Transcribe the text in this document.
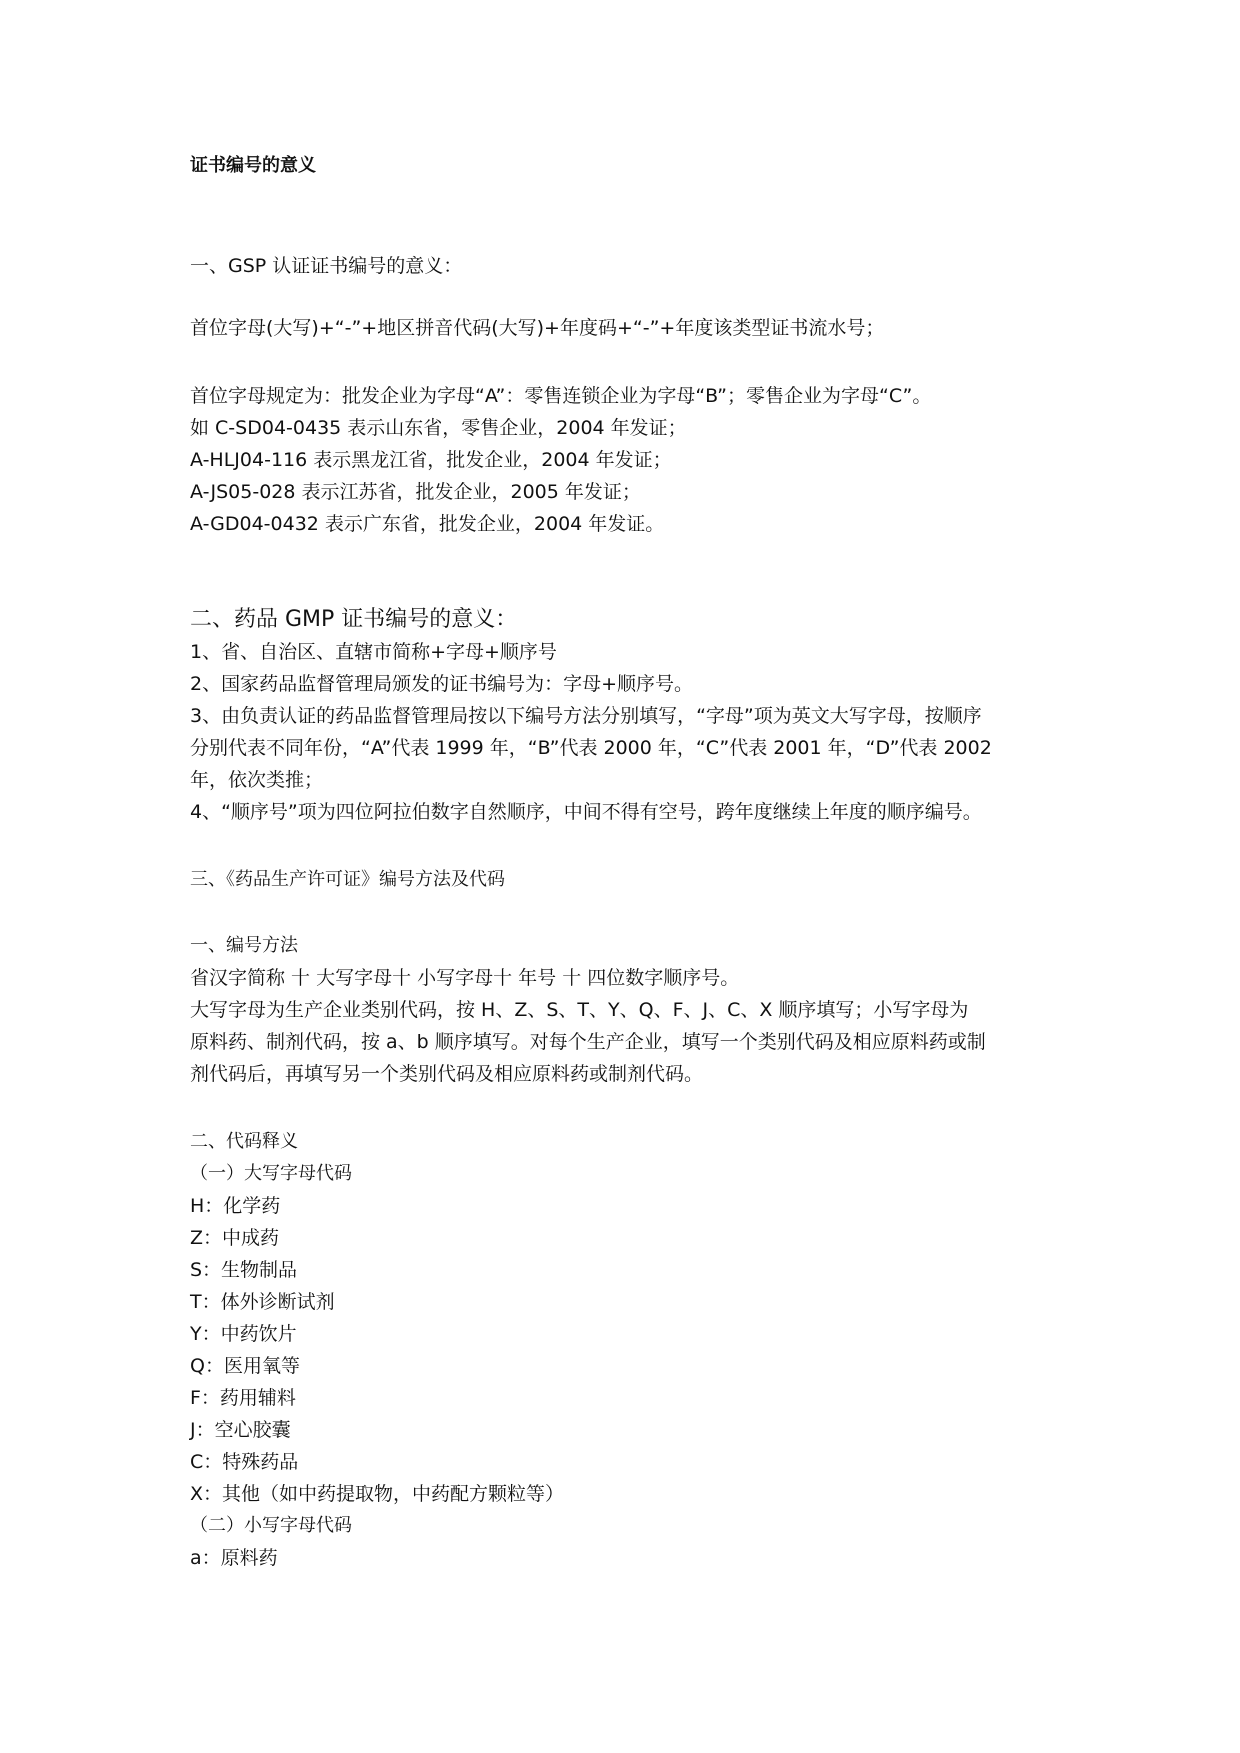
证书编号的意义
一、GSP 认证证书编号的意义：
首位字母(大写)+“-”+地区拼音代码(大写)+年度码+“-”+年度该类型证书流水号；
首位字母规定为：批发企业为字母“A”：零售连锁企业为字母“B”；零售企业为字母“C”。
如 C-SD04-0435 表示山东省，零售企业，2004 年发证；
A-HLJ04-116 表示黑龙江省，批发企业，2004 年发证；
A-JS05-028 表示江苏省，批发企业，2005 年发证；
A-GD04-0432 表示广东省，批发企业，2004 年发证。
二、药品 GMP 证书编号的意义：
1、省、自治区、直辖市简称+字母+顺序号
2、国家药品监督管理局颁发的证书编号为：字母+顺序号。
3、由负责认证的药品监督管理局按以下编号方法分别填写，“字母”项为英文大写字母，按顺序
分别代表不同年份，“A”代表 1999 年，“B”代表 2000 年，“C”代表 2001 年，“D”代表 2002
年，依次类推；
4、“顺序号”项为四位阿拉伯数字自然顺序，中间不得有空号，跨年度继续上年度的顺序编号。
三、《药品生产许可证》编号方法及代码
一、编号方法
省汉字简称 十 大写字母十 小写字母十 年号 十 四位数字顺序号。
大写字母为生产企业类别代码，按 H、Z、S、T、Y、Q、F、J、C、X 顺序填写；小写字母为
原料药、制剂代码，按 a、b 顺序填写。对每个生产企业，填写一个类别代码及相应原料药或制
剂代码后，再填写另一个类别代码及相应原料药或制剂代码。
二、代码释义
（一）大写字母代码
H：化学药
Z：中成药
S：生物制品
T：体外诊断试剂
Y：中药饮片
Q：医用氧等
F：药用辅料
J：空心胶囊
C：特殊药品
X：其他（如中药提取物，中药配方颗粒等）
（二）小写字母代码
a：原料药
